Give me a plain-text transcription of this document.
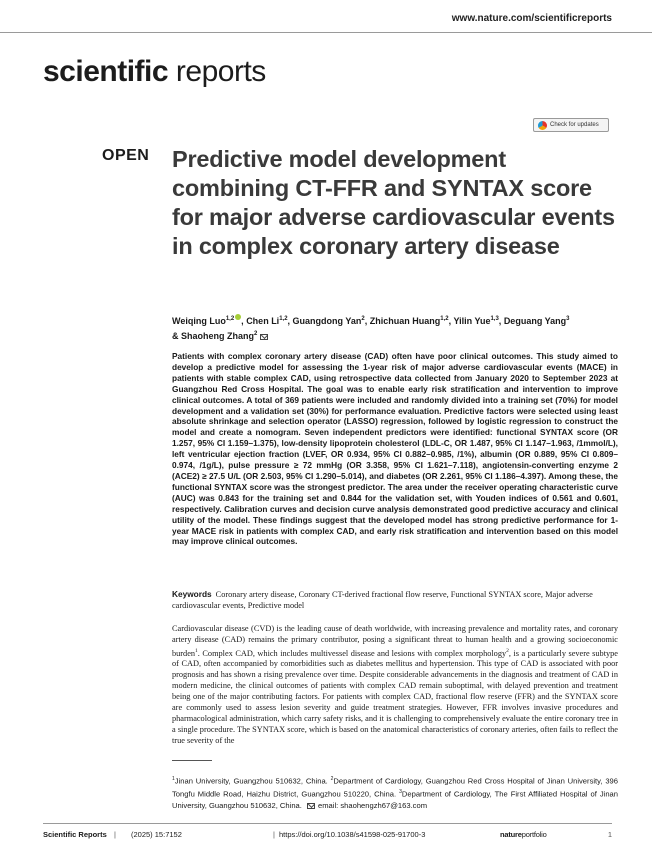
www.nature.com/scientificreports
scientific reports
Check for updates
OPEN Predictive model development combining CT-FFR and SYNTAX score for major adverse cardiovascular events in complex coronary artery disease
Weiqing Luo$^{1,2}$ , Chen Li$^{1,2}$, Guangdong Yan$^2$, Zhichuan Huang$^{1,2}$, Yilin Yue$^{1,3}$, Deguang Yang$^3$
& Shaoheng Zhang$^2$

Patients with complex coronary artery disease (CAD) often have poor clinical outcomes. This study aimed to develop a predictive model for assessing the 1-year risk of major adverse cardiovascular events (MACE) in patients with stable complex CAD, using retrospective data collected from January 2020 to September 2023 at Guangzhou Red Cross Hospital. The goal was to enable early risk stratification and intervention to improve clinical outcomes. A total of 369 patients were included and randomly divided into a training set (70%) for model development and a validation set (30%) for performance evaluation. Predictive factors were selected using least absolute shrinkage and selection operator (LASSO) regression, followed by logistic regression to construct the model and create a nomogram. Seven independent predictors were identified: functional SYNTAX score (OR 1.257, 95% CI 1.159–1.375), low-density lipoprotein cholesterol (LDL-C, OR 1.487, 95% CI 1.147–1.963, /1mmol/L), left ventricular ejection fraction (LVEF, OR 0.934, 95% CI 0.882–0.985, /1%), albumin (OR 0.889, 95% CI 0.809–0.974, /1g/L), pulse pressure ≥ 72 mmHg (OR 3.358, 95% CI 1.621–7.118), angiotensin-converting enzyme 2 (ACE2) ≥ 27.5 U/L (OR 2.503, 95% CI 1.290–5.014), and diabetes (OR 2.261, 95% CI 1.186–4.397). Among these, the functional SYNTAX score was the strongest predictor. The area under the receiver operating characteristic curve (AUC) was 0.843 for the training set and 0.844 for the validation set, with Youden indices of 0.561 and 0.601, respectively. Calibration curves and decision curve analysis demonstrated good predictive accuracy and clinical utility of the model. These findings suggest that the developed model has strong predictive performance for 1-year MACE risk in patients with complex CAD, and early risk stratification and intervention based on this model may improve clinical outcomes.

Keywords Coronary artery disease, Coronary CT-derived fractional flow reserve, Functional SYNTAX score, Major adverse cardiovascular events, Predictive model

Cardiovascular disease (CVD) is the leading cause of death worldwide, with increasing prevalence and mortality rates, and coronary artery disease (CAD) remains the primary contributor, posing a significant threat to human health and a growing socioeconomic burden$^1$. Complex CAD, which includes multivessel disease and lesions with complex morphology$^2$, is a particularly severe subtype of CAD, often accompanied by comorbidities such as diabetes mellitus and hypertension. This type of CAD is associated with poor prognosis and has shown a rising prevalence over time. Despite considerable advancements in the diagnosis and treatment of CAD in modern medicine, the clinical outcomes of patients with complex CAD remain suboptimal, with delayed prevention and treatment being one of the major contributing factors. For patients with complex CAD, fractional flow reserve (FFR) and the SYNTAX score are commonly used to assess lesion severity and guide treatment strategies. However, FFR involves invasive procedures and pharmacological administration, which carry safety risks, and it is challenging to comprehensively evaluate the entire coronary tree in a single procedure. The SYNTAX score, which is based on the anatomical characteristics of coronary arteries, often fails to reflect the true severity of the

$^1$Jinan University, Guangzhou 510632, China. $^2$Department of Cardiology, Guangzhou Red Cross Hospital of Jinan University, 396 Tongfu Middle Road, Haizhu District, Guangzhou 510220, China. $^3$Department of Cardiology, The First Affiliated Hospital of Jinan University, Guangzhou 510632, China. email: shaohengzh67@163.com

Scientific Reports | (2025) 15:7152	| https://doi.org/10.1038/s41598-025-91700-3	natureportfolio	1
